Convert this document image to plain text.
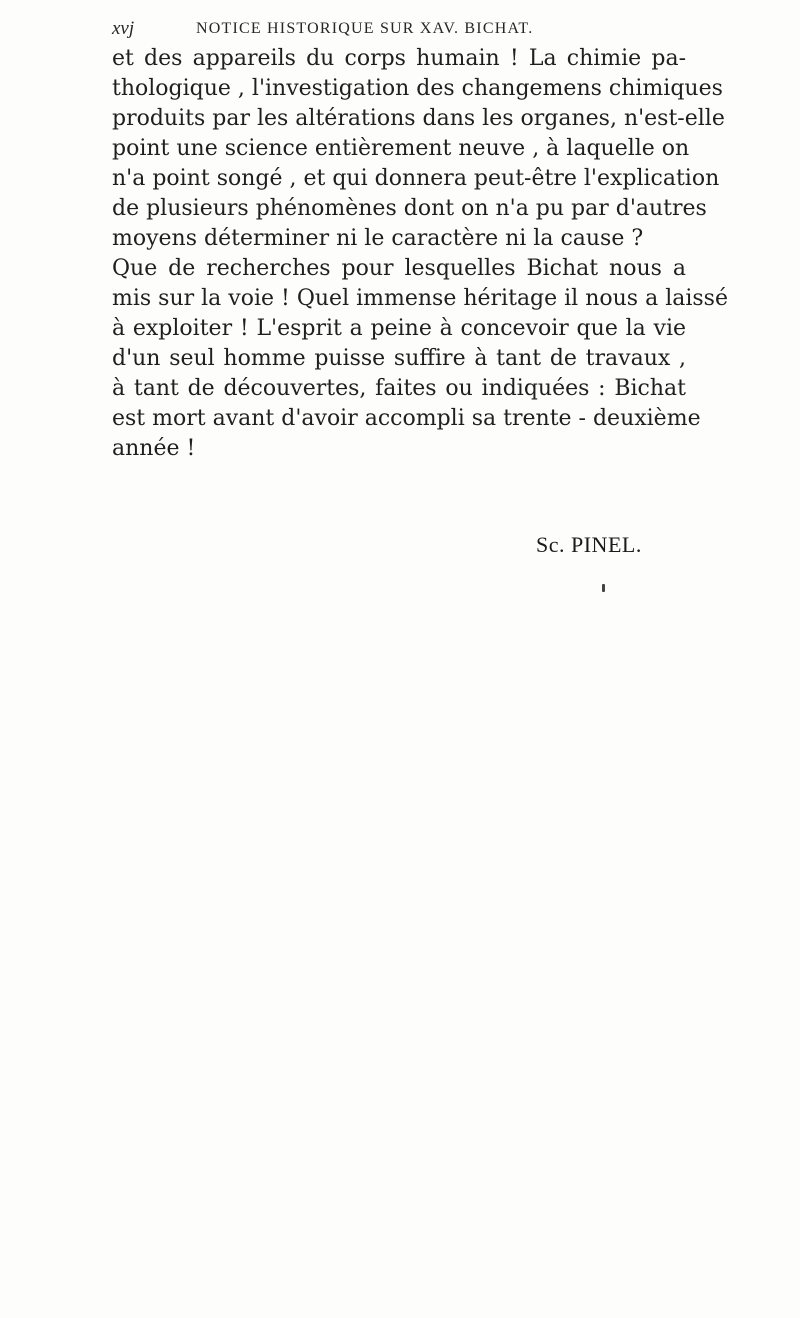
xvj	NOTICE HISTORIQUE SUR XAV. BICHAT.
et des appareils du corps humain ! La chimie pa-
thologique , l'investigation des changemens chimiques
produits par les altérations dans les organes, n'est-elle
point une science entièrement neuve , à laquelle on
n'a point songé , et qui donnera peut-être l'explication
de plusieurs phénomènes dont on n'a pu par d'autres
moyens déterminer ni le caractère ni la cause ?
Que de recherches pour lesquelles Bichat nous a
mis sur la voie ! Quel immense héritage il nous a laissé
à exploiter ! L'esprit a peine à concevoir que la vie
d'un seul homme puisse suffire à tant de travaux ,
à tant de découvertes, faites ou indiquées : Bichat
est mort avant d'avoir accompli sa trente - deuxième
année !
Sc. PINEL.
